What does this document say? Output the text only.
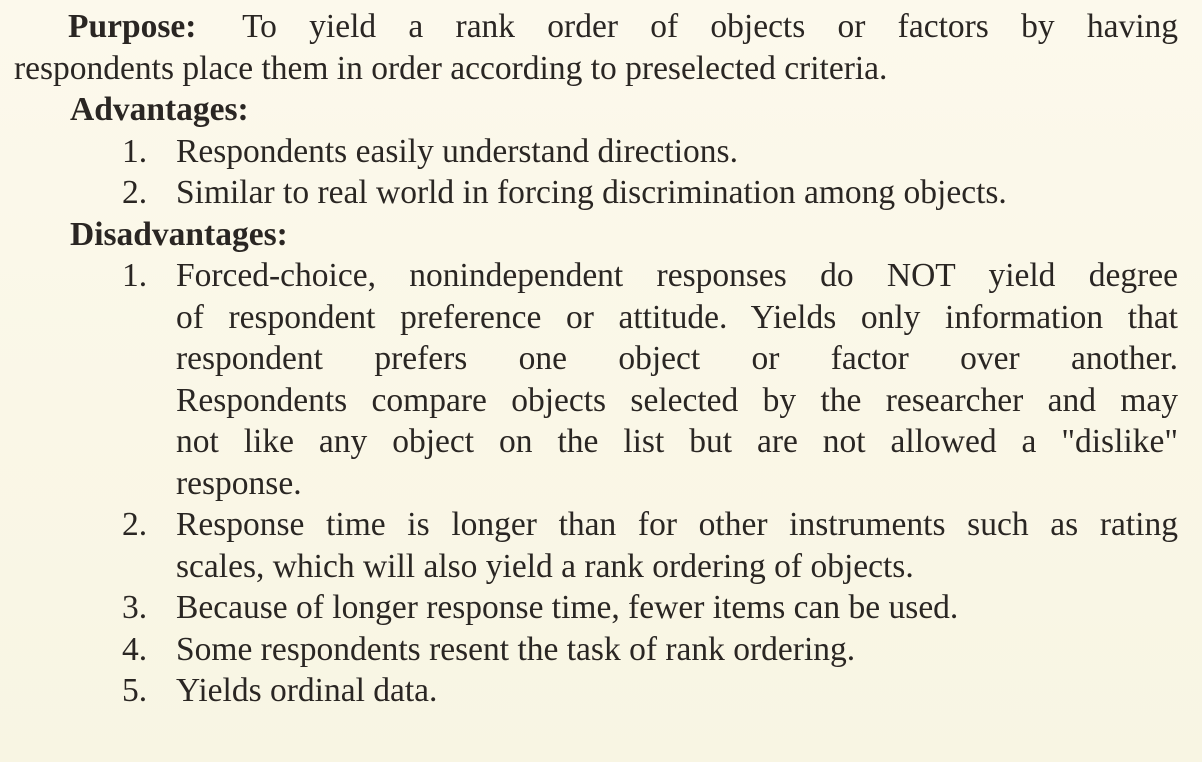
Purpose: To yield a rank order of objects or factors by having
respondents place them in order according to preselected criteria.
Advantages:
1. Respondents easily understand directions.
2. Similar to real world in forcing discrimination among objects.
Disadvantages:
1. Forced-choice, nonindependent responses do NOT yield degree
of respondent preference or attitude. Yields only information that
respondent prefers one object or factor over another.
Respondents compare objects selected by the researcher and may
not like any object on the list but are not allowed a "dislike"
response.
2. Response time is longer than for other instruments such as rating
scales, which will also yield a rank ordering of objects.
3. Because of longer response time, fewer items can be used.
4. Some respondents resent the task of rank ordering.
5. Yields ordinal data.
